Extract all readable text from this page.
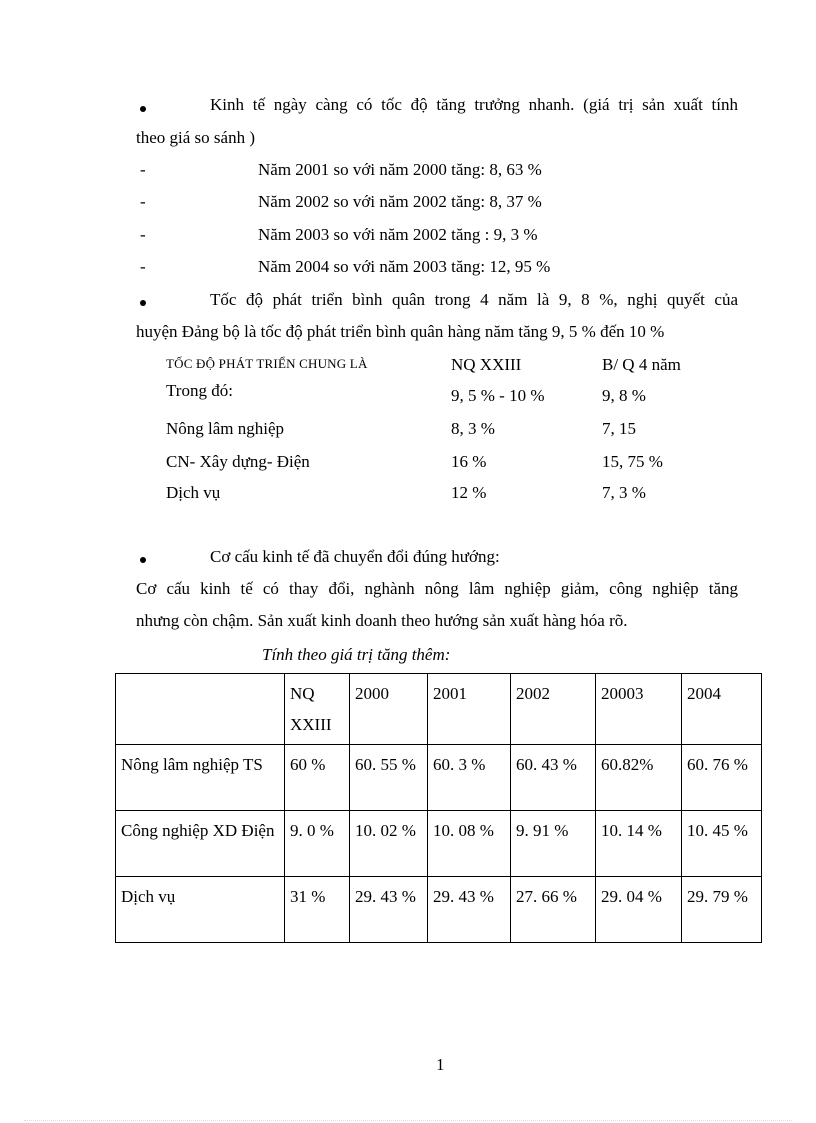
Kinh tế ngày càng có tốc độ tăng trưởng nhanh. (giá trị sản xuất tính
theo giá so sánh )
-	Năm 2001 so với năm 2000 tăng: 8, 63 %
-	Năm 2002 so với năm 2002 tăng: 8, 37 %
-	Năm 2003 so với năm 2002 tăng : 9, 3 %
-	Năm 2004 so với năm 2003 tăng: 12, 95 %
Tốc độ phát triển bình quân trong 4 năm là 9, 8 %, nghị quyết của
huyện Đảng bộ là tốc độ phát triển bình quân hàng năm tăng 9, 5 % đến 10 %
TỐC ĐỘ PHÁT TRIỂN CHUNG LÀ	NQ XXIII	B/ Q 4 năm
Trong đó:	9, 5 % - 10 %	9, 8 %
Nông lâm nghiệp	8, 3 %	7, 15
CN- Xây dựng- Điện	16 %	15, 75 %
Dịch vụ	12 %	7, 3 %
Cơ cấu kinh tế đã chuyển đổi đúng hướng:
Cơ cấu kinh tế có thay đổi, nghành nông lâm nghiệp giảm, công nghiệp tăng
nhưng còn chậm. Sản xuất kinh doanh theo hướng sản xuất hàng hóa rõ.
Tính theo giá trị tăng thêm:
	NQ XXIII	2000	2001	2002	20003	2004
Nông lâm nghiệp TS	60 %	60. 55 %	60. 3 %	60. 43 %	60.82%	60. 76 %
Công nghiệp XD Điện	9. 0 %	10. 02 %	10. 08 %	9. 91 %	10. 14 %	10. 45 %
Dịch vụ	31 %	29. 43 %	29. 43 %	27. 66 %	29. 04 %	29. 79 %
1
